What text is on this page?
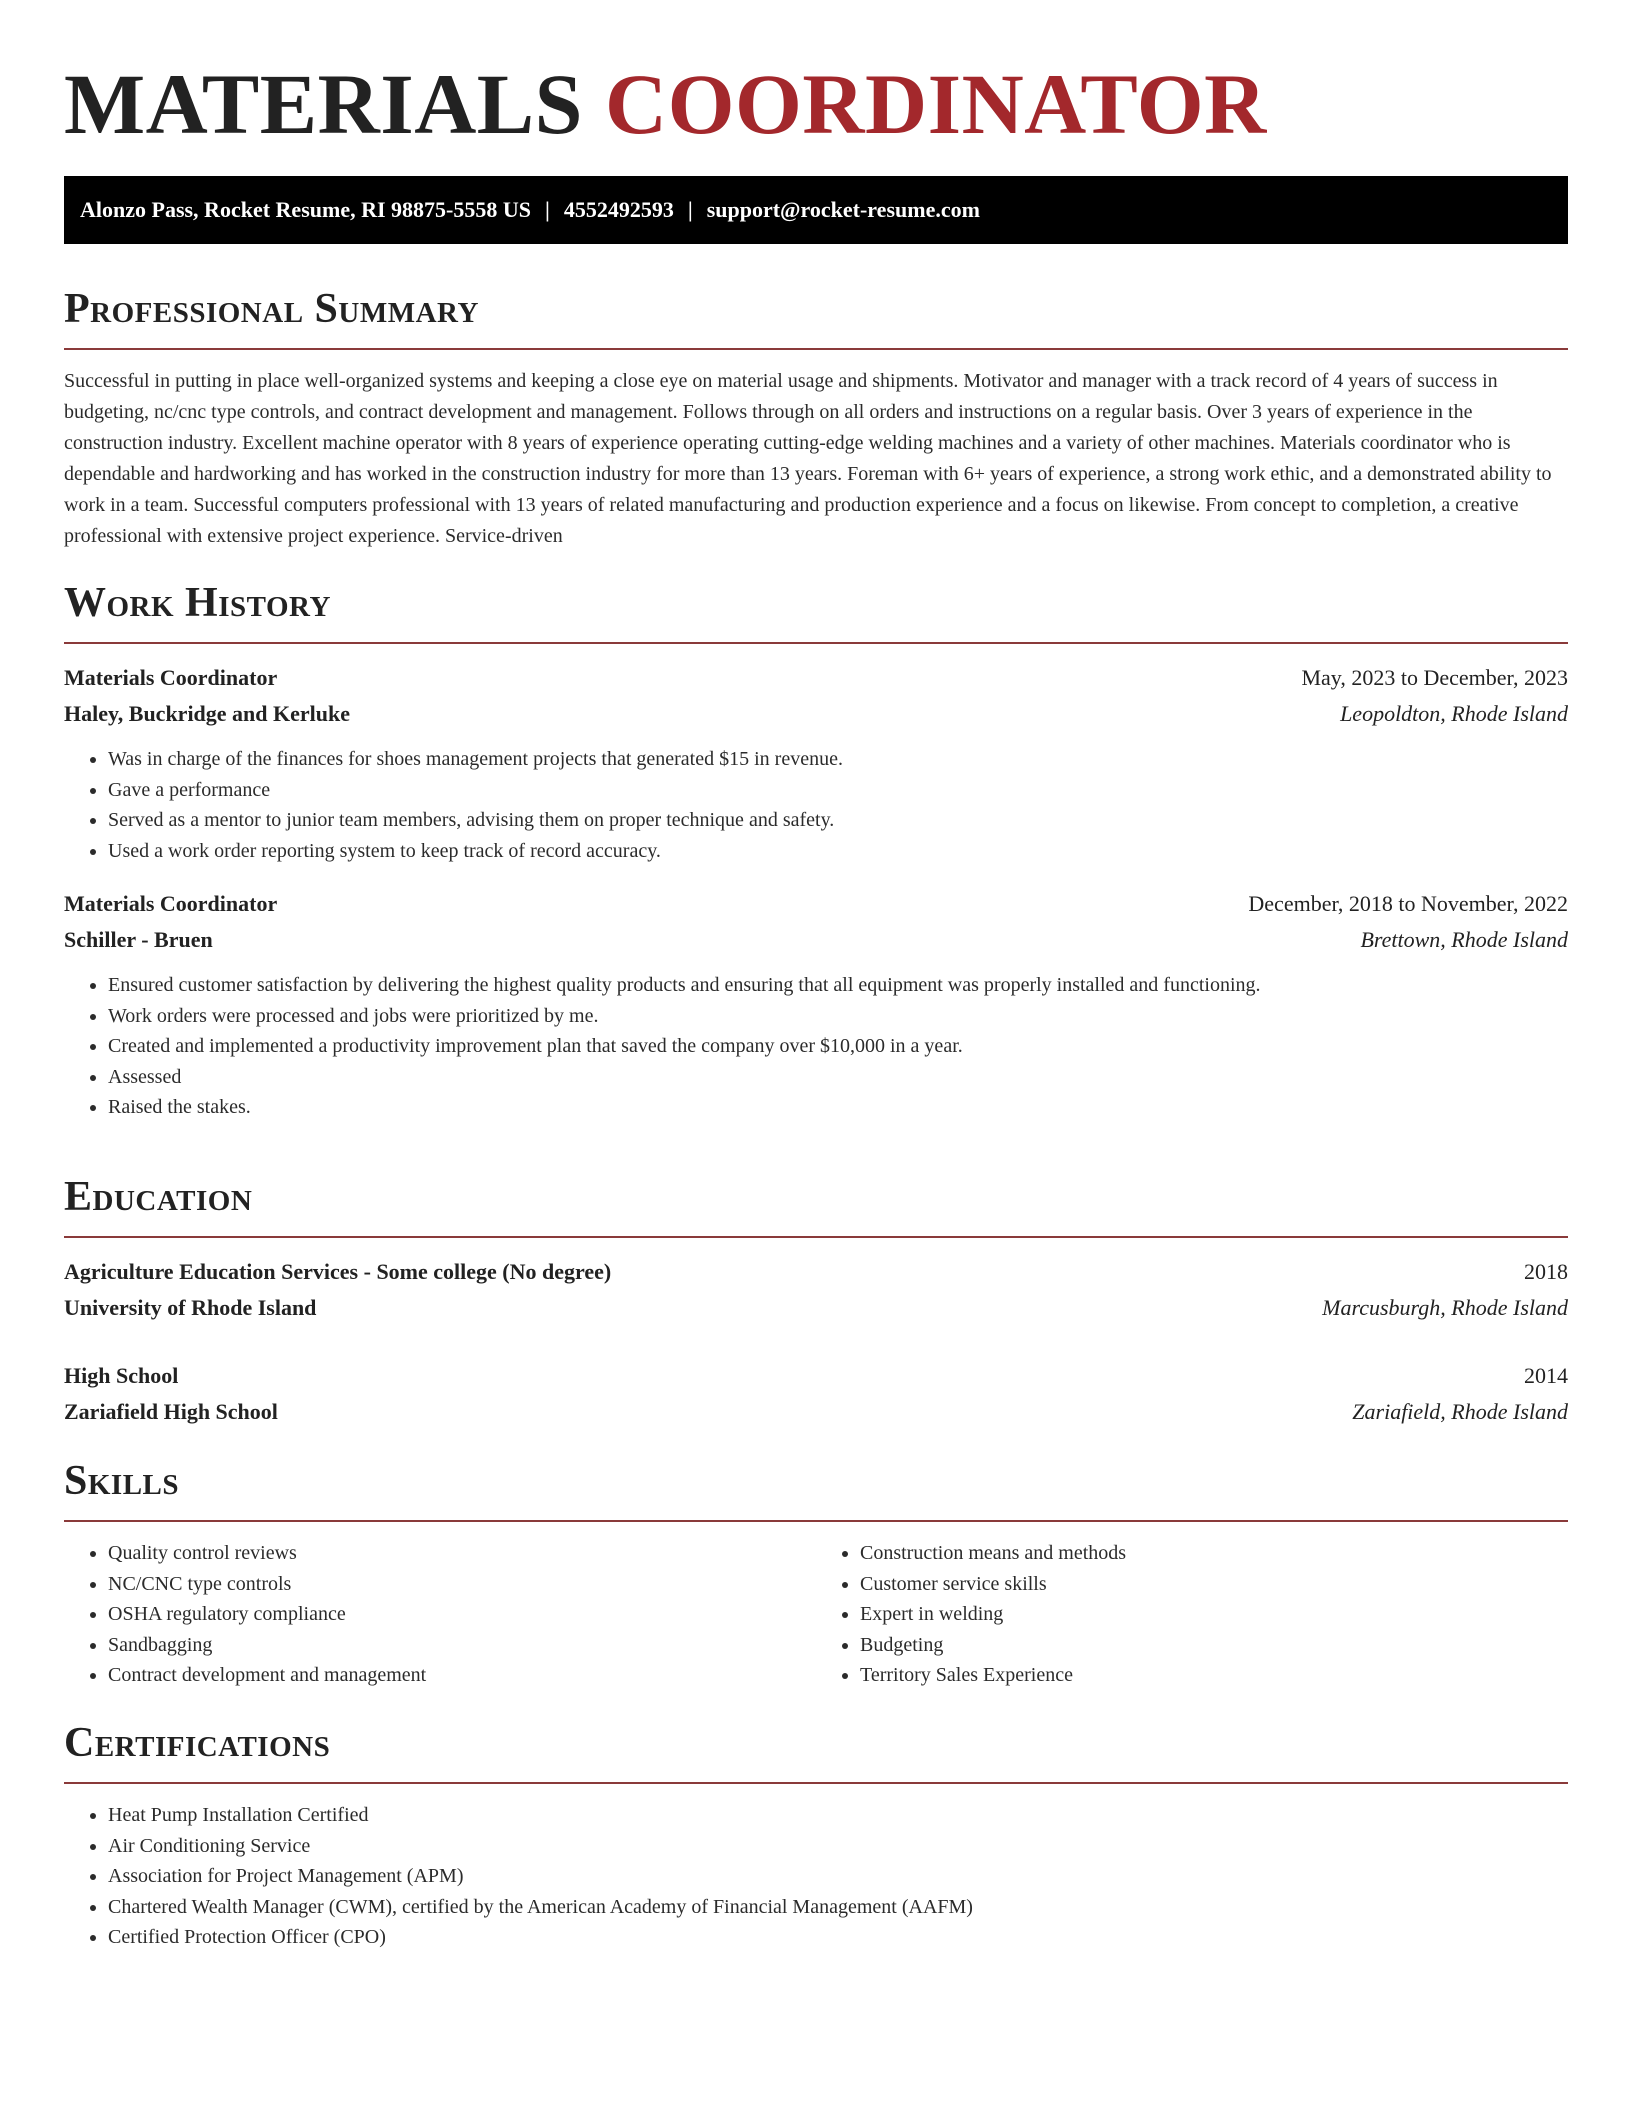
MATERIALS COORDINATOR
Alonzo Pass, Rocket Resume, RI 98875-5558 US | 4552492593 | support@rocket-resume.com
Professional Summary

Successful in putting in place well-organized systems and keeping a close eye on material usage and shipments. Motivator and manager with a track record of 4 years of success in budgeting, nc/cnc type controls, and contract development and management. Follows through on all orders and instructions on a regular basis. Over 3 years of experience in the construction industry. Excellent machine operator with 8 years of experience operating cutting-edge welding machines and a variety of other machines. Materials coordinator who is dependable and hardworking and has worked in the construction industry for more than 13 years. Foreman with 6+ years of experience, a strong work ethic, and a demonstrated ability to work in a team. Successful computers professional with 13 years of related manufacturing and production experience and a focus on likewise. From concept to completion, a creative professional with extensive project experience. Service-driven

Work History
Materials Coordinator	May, 2023 to December, 2023
Haley, Buckridge and Kerluke	Leopoldton, Rhode Island
• Was in charge of the finances for shoes management projects that generated $15 in revenue.
• Gave a performance
• Served as a mentor to junior team members, advising them on proper technique and safety.
• Used a work order reporting system to keep track of record accuracy.
Materials Coordinator	December, 2018 to November, 2022
Schiller - Bruen	Brettown, Rhode Island
• Ensured customer satisfaction by delivering the highest quality products and ensuring that all equipment was properly installed and functioning.
• Work orders were processed and jobs were prioritized by me.
• Created and implemented a productivity improvement plan that saved the company over $10,000 in a year.
• Assessed
• Raised the stakes.
Education
Agriculture Education Services - Some college (No degree)	2018
University of Rhode Island	Marcusburgh, Rhode Island
High School	2014
Zariafield High School	Zariafield, Rhode Island
Skills
• Quality control reviews
• NC/CNC type controls
• OSHA regulatory compliance
• Sandbagging
• Contract development and management
• Construction means and methods
• Customer service skills
• Expert in welding
• Budgeting
• Territory Sales Experience
Certifications
• Heat Pump Installation Certified
• Air Conditioning Service
• Association for Project Management (APM)
• Chartered Wealth Manager (CWM), certified by the American Academy of Financial Management (AAFM)
• Certified Protection Officer (CPO)
